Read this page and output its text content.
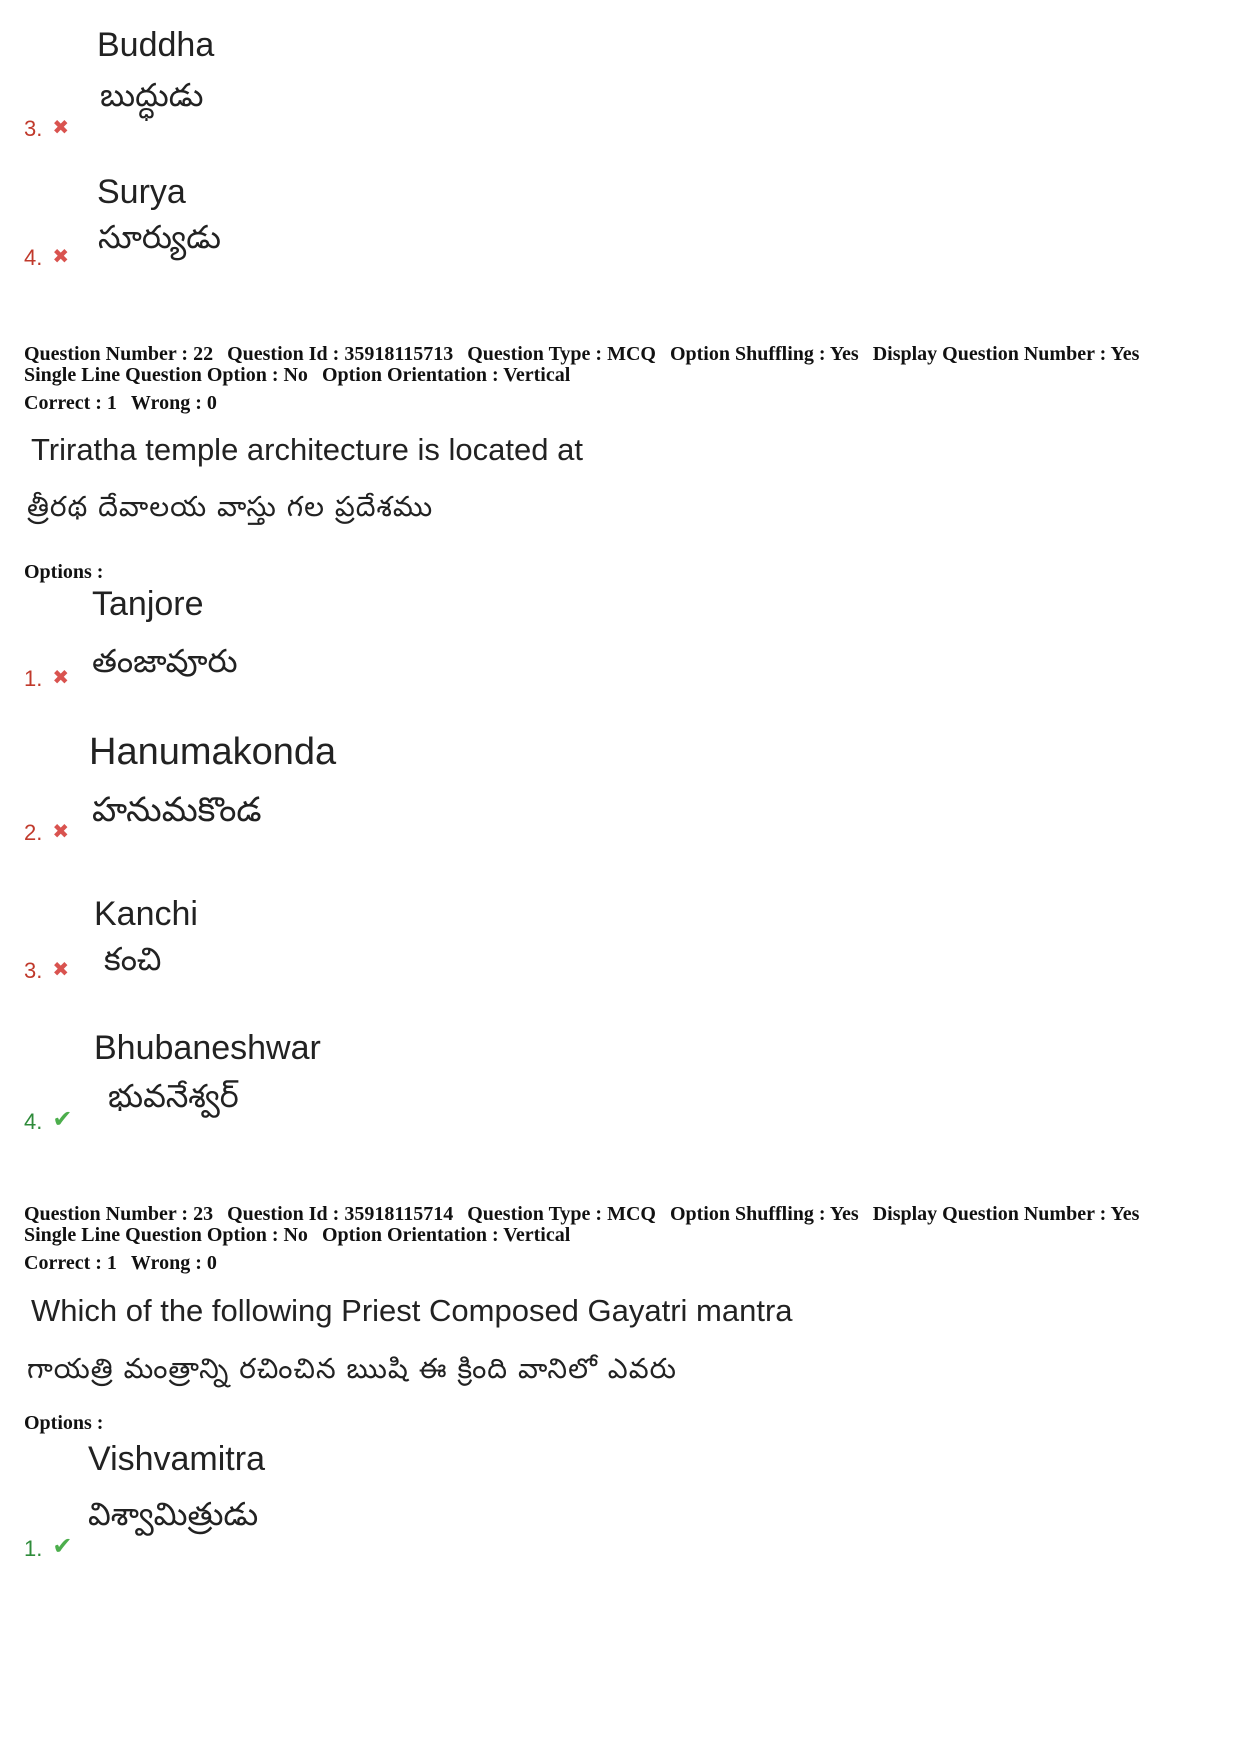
Buddha
బుద్ధుడు
3. ✖
Surya
సూర్యుడు
4. ✖
Question Number : 22 Question Id : 35918115713 Question Type : MCQ Option Shuffling : Yes Display Question Number : Yes
Single Line Question Option : No Option Orientation : Vertical
Correct : 1 Wrong : 0
Triratha temple architecture is located at
త్రీరథ దేవాలయ వాస్తు గల ప్రదేశము
Options :
Tanjore
తంజావూరు
1. ✖
Hanumakonda
హనుమకొండ
2. ✖
Kanchi
కంచి
3. ✖
Bhubaneshwar
భువనేశ్వర్
4. ✔
Question Number : 23 Question Id : 35918115714 Question Type : MCQ Option Shuffling : Yes Display Question Number : Yes
Single Line Question Option : No Option Orientation : Vertical
Correct : 1 Wrong : 0
Which of the following Priest Composed Gayatri mantra
గాయత్రి మంత్రాన్ని రచించిన ఋషి ఈ క్రింది వానిలో ఎవరు
Options :
Vishvamitra
విశ్వామిత్రుడు
1. ✔
